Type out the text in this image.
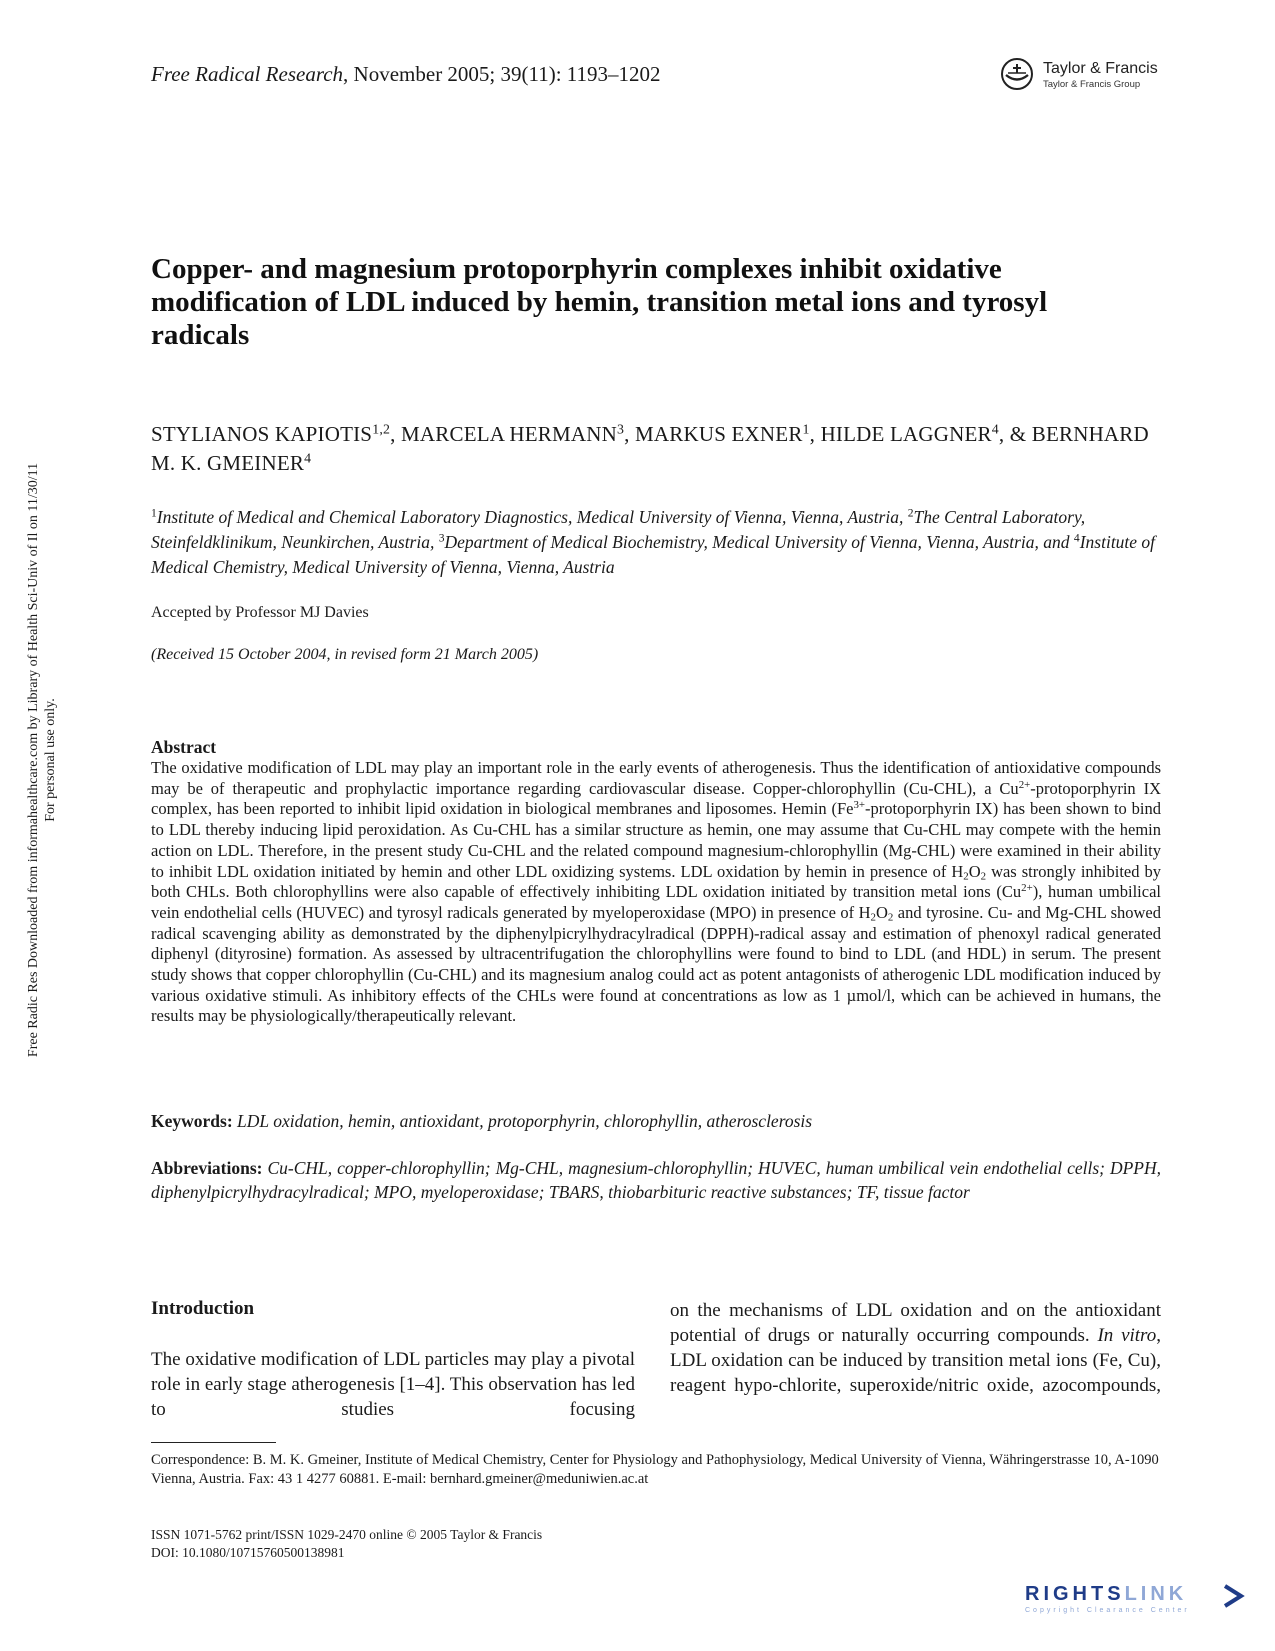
Free Radical Research, November 2005; 39(11): 1193–1202	Taylor & Francis
Taylor & Francis Group
Copper- and magnesium protoporphyrin complexes inhibit oxidative modification of LDL induced by hemin, transition metal ions and tyrosyl radicals
STYLIANOS KAPIOTIS$^{1,2}$, MARCELA HERMANN$^3$, MARKUS EXNER$^1$, HILDE LAGGNER$^4$, & BERNHARD M. K. GMEINER$^4$
$^1$Institute of Medical and Chemical Laboratory Diagnostics, Medical University of Vienna, Vienna, Austria, $^2$The Central Laboratory, Steinfeldklinikum, Neunkirchen, Austria, $^3$Department of Medical Biochemistry, Medical University of Vienna, Vienna, Austria, and $^4$Institute of Medical Chemistry, Medical University of Vienna, Vienna, Austria
Accepted by Professor MJ Davies
(Received 15 October 2004, in revised form 21 March 2005)
Abstract
The oxidative modification of LDL may play an important role in the early events of atherogenesis. Thus the identification of antioxidative compounds may be of therapeutic and prophylactic importance regarding cardiovascular disease. Copper-chlorophyllin (Cu-CHL), a $Cu^{2+}$-protoporphyrin IX complex, has been reported to inhibit lipid oxidation in biological membranes and liposomes. Hemin ($Fe^{3+}$-protoporphyrin IX) has been shown to bind to LDL thereby inducing lipid peroxidation. As Cu-CHL has a similar structure as hemin, one may assume that Cu-CHL may compete with the hemin action on LDL. Therefore, in the present study Cu-CHL and the related compound magnesium-chlorophyllin (Mg-CHL) were examined in their ability to inhibit LDL oxidation initiated by hemin and other LDL oxidizing systems. LDL oxidation by hemin in presence of $H_2O_2$ was strongly inhibited by both CHLs. Both chlorophyllins were also capable of effectively inhibiting LDL oxidation initiated by transition metal ions $(Cu^{2+})$, human umbilical vein endothelial cells (HUVEC) and tyrosyl radicals generated by myeloperoxidase (MPO) in presence of $H_2O_2$ and tyrosine. Cu- and Mg-CHL showed radical scavenging ability as demonstrated by the diphenylpicrylhydracylradical (DPPH)-radical assay and estimation of phenoxyl radical generated diphenyl (dityrosine) formation. As assessed by ultracentrifugation the chlorophyllins were found to bind to LDL (and HDL) in serum. The present study shows that copper chlorophyllin (Cu-CHL) and its magnesium analog could act as potent antagonists of atherogenic LDL modification induced by various oxidative stimuli. As inhibitory effects of the CHLs were found at concentrations as low as 1 µmol/l, which can be achieved in humans, the results may be physiologically/therapeutically relevant.
Keywords: LDL oxidation, hemin, antioxidant, protoporphyrin, chlorophyllin, atherosclerosis
Abbreviations: Cu-CHL, copper-chlorophyllin; Mg-CHL, magnesium-chlorophyllin; HUVEC, human umbilical vein endothelial cells; DPPH, diphenylpicrylhydracylradical; MPO, myeloperoxidase; TBARS, thiobarbituric reactive substances; TF, tissue factor
Introduction
The oxidative modification of LDL particles may play a pivotal role in early stage atherogenesis [1–4]. This observation has led to studies focusing
on the mechanisms of LDL oxidation and on the antioxidant potential of drugs or naturally occurring compounds. In vitro, LDL oxidation can be induced by transition metal ions (Fe, Cu), reagent hypo-chlorite, superoxide/nitric oxide, azocompounds,
Correspondence: B. M. K. Gmeiner, Institute of Medical Chemistry, Center for Physiology and Pathophysiology, Medical University of Vienna, Währingerstrasse 10, A-1090 Vienna, Austria. Fax: 43 1 4277 60881. E-mail: bernhard.gmeiner@meduniwien.ac.at
ISSN 1071-5762 print/ISSN 1029-2470 online © 2005 Taylor & Francis
DOI: 10.1080/10715760500138981
Free Radic Res Downloaded from informahealthcare.com by Library of Health Sci-Univ of Il on 11/30/11 For personal use only.
RIGHTSLINK
Copyright Clearance Center
